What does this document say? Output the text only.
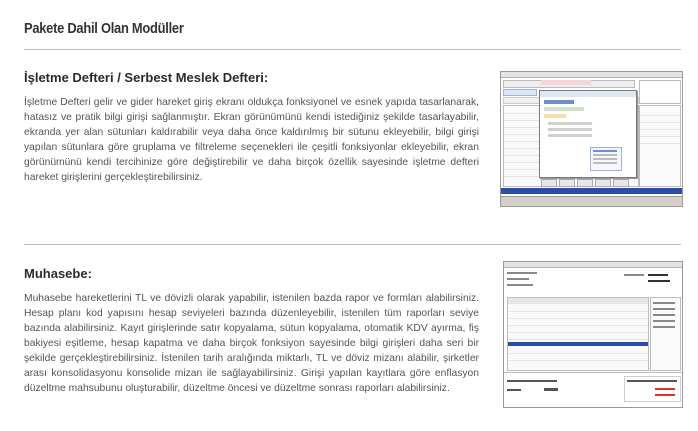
Pakete Dahil Olan Modüller
İşletme Defteri / Serbest Meslek Defteri:

İşletme Defteri gelir ve gider hareket giriş ekranı oldukça fonksiyonel ve esnek yapıda tasarlanarak, hatasız ve pratik bilgi girişi sağlanmıştır. Ekran görünümünü kendi istediğiniz şekilde tasarlayabilir, ekranda yer alan sütunları kaldırabilir veya daha önce kaldırılmış bir sütunu ekleyebilir, bilgi girişi yapılan sütunlara göre gruplama ve filtreleme seçenekleri ile çeşitli fonksiyonlar ekleyebilir, ekran görünümünü kendi tercihinize göre değiştirebilir ve daha birçok özellik sayesinde işletme defteri hareket girişlerini gerçekleştirebilirsiniz.

Muhasebe:

Muhasebe hareketlerini TL ve dövizli olarak yapabilir, istenilen bazda rapor ve formları alabilirsiniz. Hesap planı kod yapısını hesap seviyeleri bazında düzenleyebilir, istenilen tüm raporları seviye bazında alabilirsiniz. Kayıt girişlerinde satır kopyalama, sütun kopyalama, otomatik KDV ayırma, fiş bakiyesi eşitleme, hesap kapatma ve daha birçok fonksiyon sayesinde bilgi girişleri daha seri bir şekilde gerçekleştirebilirsiniz. İstenilen tarih aralığında miktarlı, TL ve döviz mizanı alabilir, şirketler arası konsolidasyonu konsolide mizan ile sağlayabilirsiniz. Girişi yapılan kayıtlara göre enflasyon düzeltme mahsubunu oluşturabilir, düzeltme öncesi ve düzeltme sonrası raporları alabilirsiniz.
